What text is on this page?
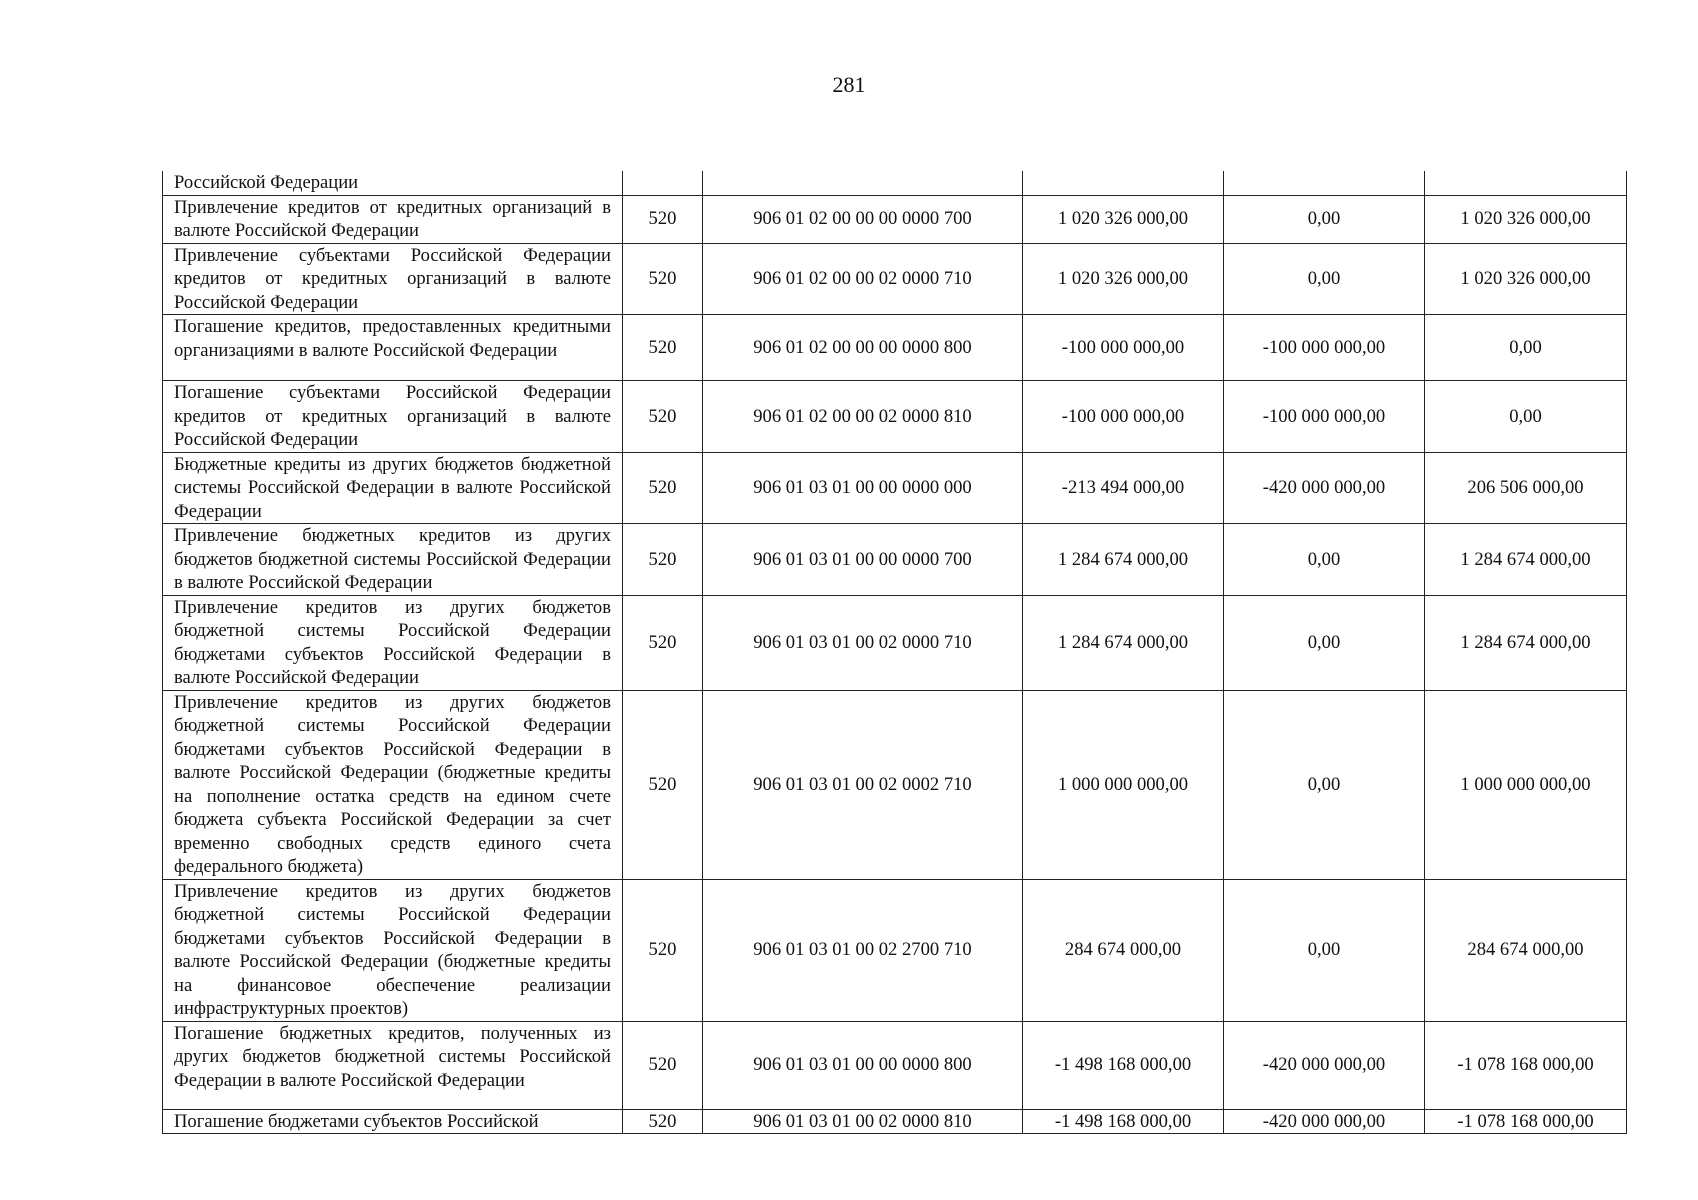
281
Российской Федерации					
Привлечение кредитов от кредитных организаций в валюте Российской Федерации	520	906 01 02 00 00 00 0000 700	1 020 326 000,00	0,00	1 020 326 000,00
Привлечение субъектами Российской Федерации кредитов от кредитных организаций в валюте Российской Федерации	520	906 01 02 00 00 02 0000 710	1 020 326 000,00	0,00	1 020 326 000,00
Погашение кредитов, предоставленных кредитными организациями в валюте Российской Федерации	520	906 01 02 00 00 00 0000 800	-100 000 000,00	-100 000 000,00	0,00
Погашение субъектами Российской Федерации кредитов от кредитных организаций в валюте Российской Федерации	520	906 01 02 00 00 02 0000 810	-100 000 000,00	-100 000 000,00	0,00
Бюджетные кредиты из других бюджетов бюджетной системы Российской Федерации в валюте Российской Федерации	520	906 01 03 01 00 00 0000 000	-213 494 000,00	-420 000 000,00	206 506 000,00
Привлечение бюджетных кредитов из других бюджетов бюджетной системы Российской Федерации в валюте Российской Федерации	520	906 01 03 01 00 00 0000 700	1 284 674 000,00	0,00	1 284 674 000,00
Привлечение кредитов из других бюджетов бюджетной системы Российской Федерации бюджетами субъектов Российской Федерации в валюте Российской Федерации	520	906 01 03 01 00 02 0000 710	1 284 674 000,00	0,00	1 284 674 000,00
Привлечение кредитов из других бюджетов бюджетной системы Российской Федерации бюджетами субъектов Российской Федерации в валюте Российской Федерации (бюджетные кредиты на пополнение остатка средств на едином счете бюджета субъекта Российской Федерации за счет временно свободных средств единого счета федерального бюджета)	520	906 01 03 01 00 02 0002 710	1 000 000 000,00	0,00	1 000 000 000,00
Привлечение кредитов из других бюджетов бюджетной системы Российской Федерации бюджетами субъектов Российской Федерации в валюте Российской Федерации (бюджетные кредиты на финансовое обеспечение реализации инфраструктурных проектов)	520	906 01 03 01 00 02 2700 710	284 674 000,00	0,00	284 674 000,00
Погашение бюджетных кредитов, полученных из других бюджетов бюджетной системы Российской Федерации в валюте Российской Федерации	520	906 01 03 01 00 00 0000 800	-1 498 168 000,00	-420 000 000,00	-1 078 168 000,00
Погашение бюджетами субъектов Российской	520	906 01 03 01 00 02 0000 810	-1 498 168 000,00	-420 000 000,00	-1 078 168 000,00
